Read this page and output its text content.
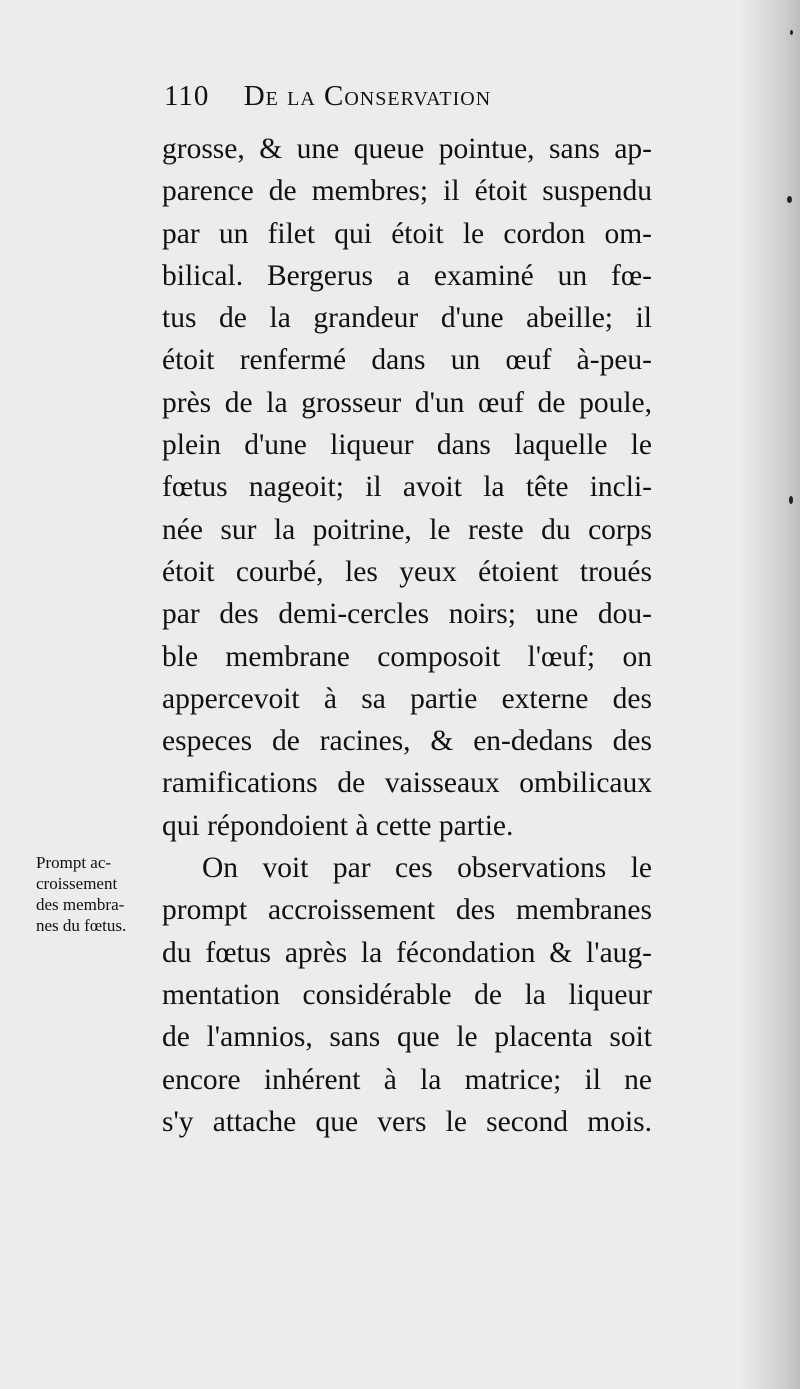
110 De la Conservation
grosse, & une queue pointue, sans ap-
parence de membres; il étoit suspendu
par un filet qui étoit le cordon om-
bilical. Bergerus a examiné un fœ-
tus de la grandeur d'une abeille; il
étoit renfermé dans un œuf à-peu-
près de la grosseur d'un œuf de poule,
plein d'une liqueur dans laquelle le
fœtus nageoit; il avoit la tête incli-
née sur la poitrine, le reste du corps
étoit courbé, les yeux étoient troués
par des demi-cercles noirs; une dou-
ble membrane composoit l'œuf; on
appercevoit à sa partie externe des
especes de racines, & en-dedans des
ramifications de vaisseaux ombilicaux
qui répondoient à cette partie.
On voit par ces observations le
prompt accroissement des membranes
du fœtus après la fécondation & l'aug-
mentation considérable de la liqueur
de l'amnios, sans que le placenta soit
encore inhérent à la matrice; il ne
s'y attache que vers le second mois.
Prompt ac-
croissement
des membra-
nes du fœtus.
